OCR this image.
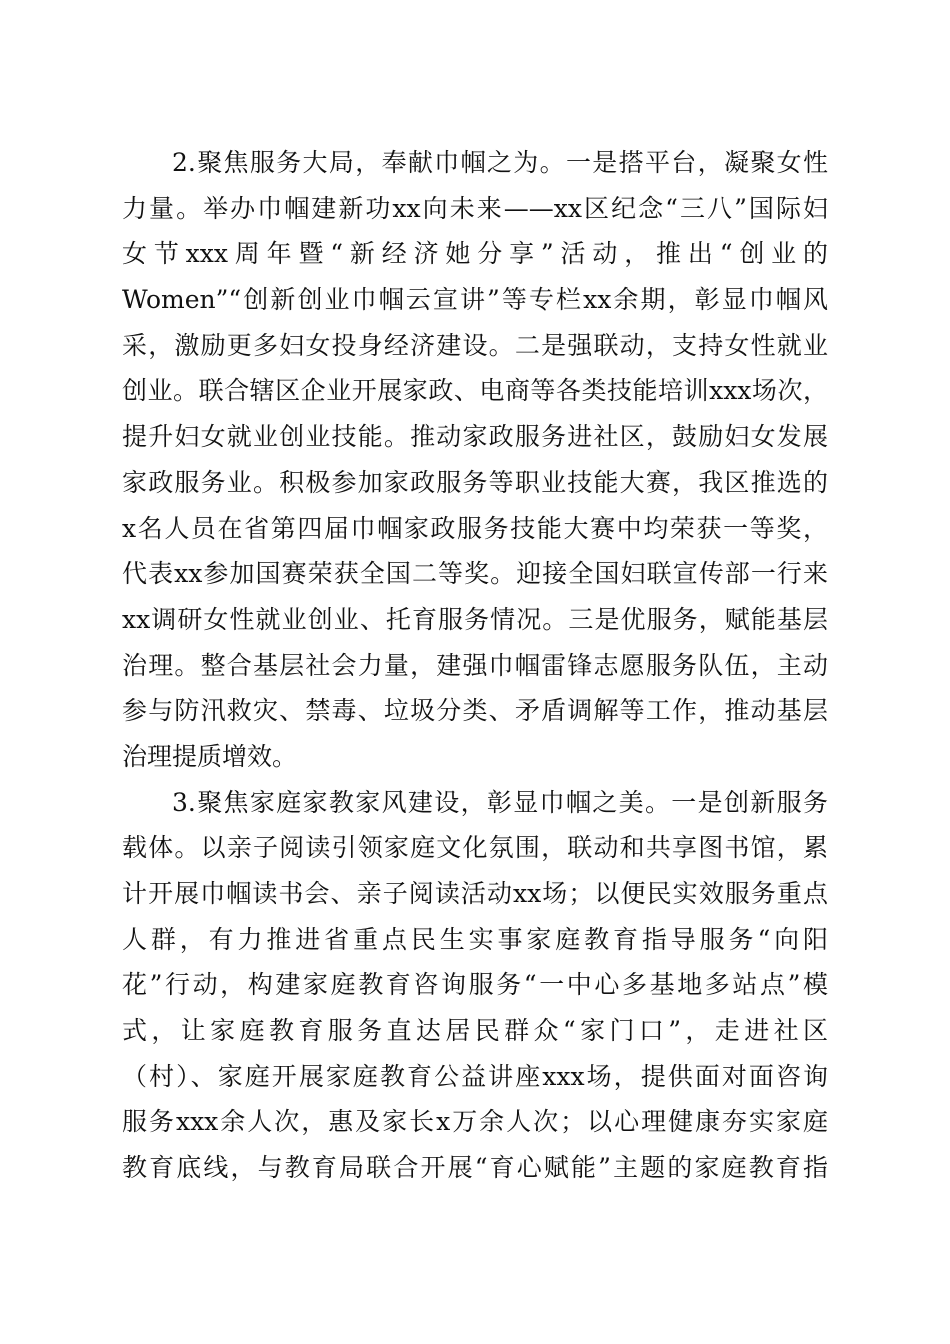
2.聚焦服务大局，奉献巾帼之为。一是搭平台，凝聚女性
力量。举办巾帼建新功xx向未来——xx区纪念“三八”国际妇
女节xxx周年暨“新经济她分享”活动，推出“创业的
Women”“创新创业巾帼云宣讲”等专栏xx余期，彰显巾帼风
采，激励更多妇女投身经济建设。二是强联动，支持女性就业
创业。联合辖区企业开展家政、电商等各类技能培训xxx场次，
提升妇女就业创业技能。推动家政服务进社区，鼓励妇女发展
家政服务业。积极参加家政服务等职业技能大赛，我区推选的
x名人员在省第四届巾帼家政服务技能大赛中均荣获一等奖，
代表xx参加国赛荣获全国二等奖。迎接全国妇联宣传部一行来
xx调研女性就业创业、托育服务情况。三是优服务，赋能基层
治理。整合基层社会力量，建强巾帼雷锋志愿服务队伍，主动
参与防汛救灾、禁毒、垃圾分类、矛盾调解等工作，推动基层
治理提质增效。
3.聚焦家庭家教家风建设，彰显巾帼之美。一是创新服务
载体。以亲子阅读引领家庭文化氛围，联动和共享图书馆，累
计开展巾帼读书会、亲子阅读活动xx场；以便民实效服务重点
人群，有力推进省重点民生实事家庭教育指导服务“向阳
花”行动，构建家庭教育咨询服务“一中心多基地多站点”模
式，让家庭教育服务直达居民群众“家门口”，走进社区
（村）、家庭开展家庭教育公益讲座xxx场，提供面对面咨询
服务xxx余人次，惠及家长x万余人次；以心理健康夯实家庭
教育底线，与教育局联合开展“育心赋能”主题的家庭教育指
